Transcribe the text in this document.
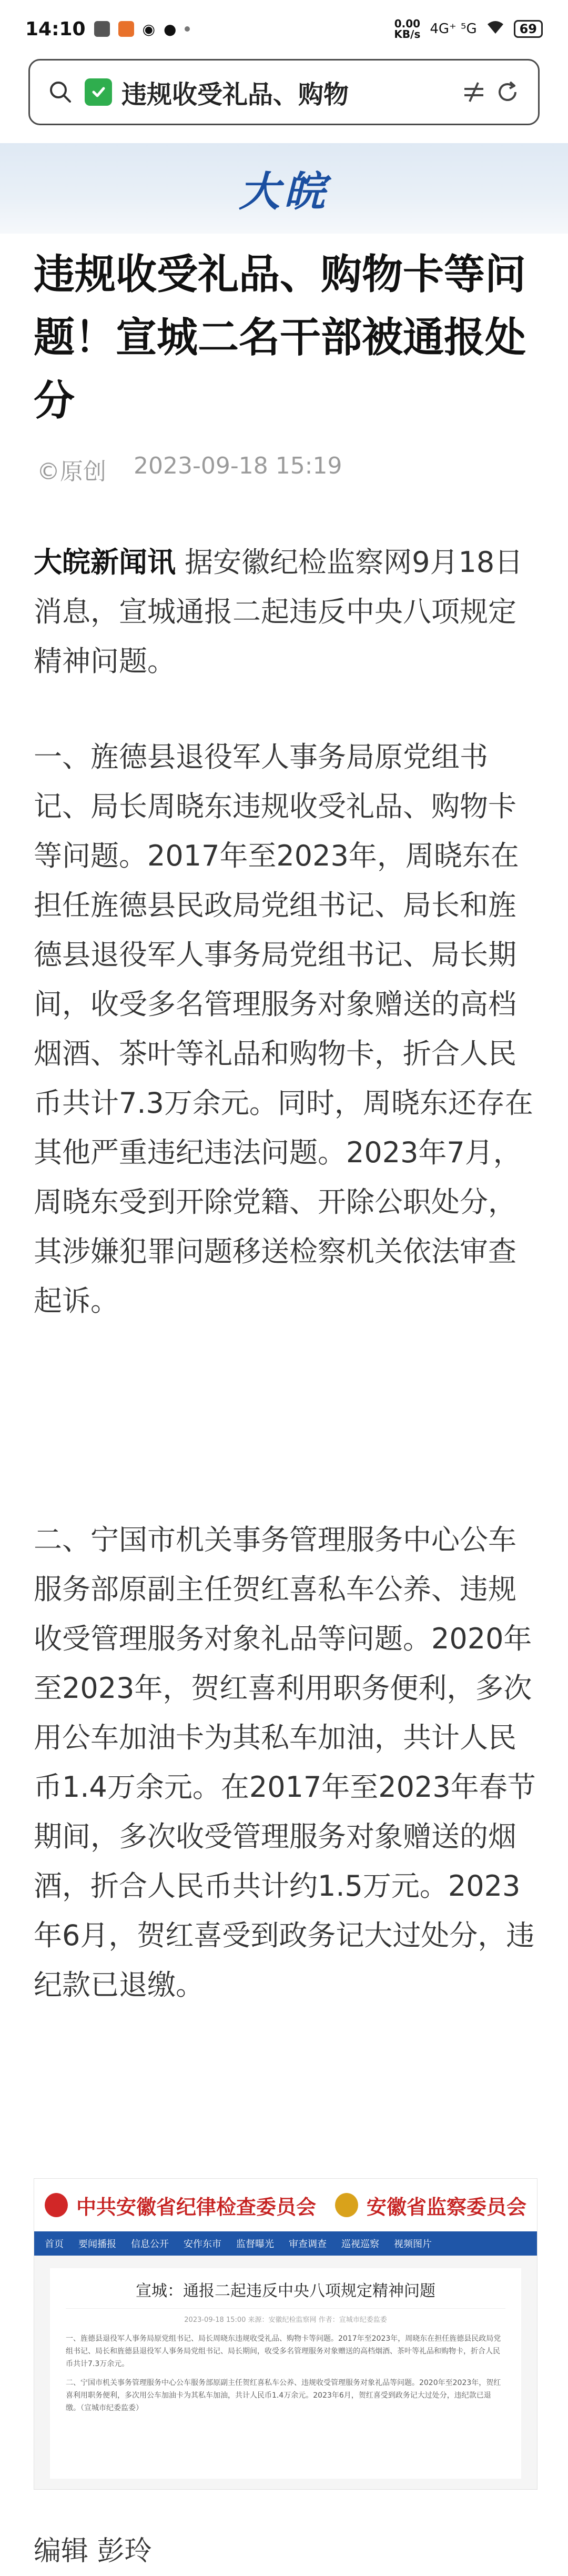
14:10	◉ ●	0.00
KB/s 4G⁺ ⁵G	69
违规收受礼品、购物
大皖
违规收受礼品、购物卡等问题！宣城二名干部被通报处分
©原创 2023-09-18 15:19

大皖新闻讯 据安徽纪检监察网9月18日消息，宣城通报二起违反中央八项规定精神问题。

一、旌德县退役军人事务局原党组书记、局长周晓东违规收受礼品、购物卡等问题。2017年至2023年，周晓东在担任旌德县民政局党组书记、局长和旌德县退役军人事务局党组书记、局长期间，收受多名管理服务对象赠送的高档烟酒、茶叶等礼品和购物卡，折合人民币共计7.3万余元。同时，周晓东还存在其他严重违纪违法问题。2023年7月，周晓东受到开除党籍、开除公职处分，其涉嫌犯罪问题移送检察机关依法审查起诉。

二、宁国市机关事务管理服务中心公车服务部原副主任贺红喜私车公养、违规收受管理服务对象礼品等问题。2020年至2023年，贺红喜利用职务便利，多次用公车加油卡为其私车加油，共计人民币1.4万余元。在2017年至2023年春节期间，多次收受管理服务对象赠送的烟酒，折合人民币共计约1.5万元。2023年6月，贺红喜受到政务记大过处分，违纪款已退缴。

中共安徽省纪律检查委员会	安徽省监察委员会
首页 要闻播报 信息公开 安作东市 监督曝光 审查调查 巡视巡察 视频图片
宣城：通报二起违反中央八项规定精神问题
2023-09-18 15:00 来源：安徽纪检监察网 作者：宣城市纪委监委

一、旌德县退役军人事务局原党组书记、局长周晓东违规收受礼品、购物卡等问题。2017年至2023年，周晓东在担任旌德县民政局党组书记、局长和旌德县退役军人事务局党组书记、局长期间，收受多名管理服务对象赠送的高档烟酒、茶叶等礼品和购物卡，折合人民币共计7.3万余元。

二、宁国市机关事务管理服务中心公车服务部原副主任贺红喜私车公养、违规收受管理服务对象礼品等问题。2020年至2023年，贺红喜利用职务便利，多次用公车加油卡为其私车加油，共计人民币1.4万余元。2023年6月，贺红喜受到政务记大过处分，违纪款已退缴。（宣城市纪委监委）

编辑 彭玲
